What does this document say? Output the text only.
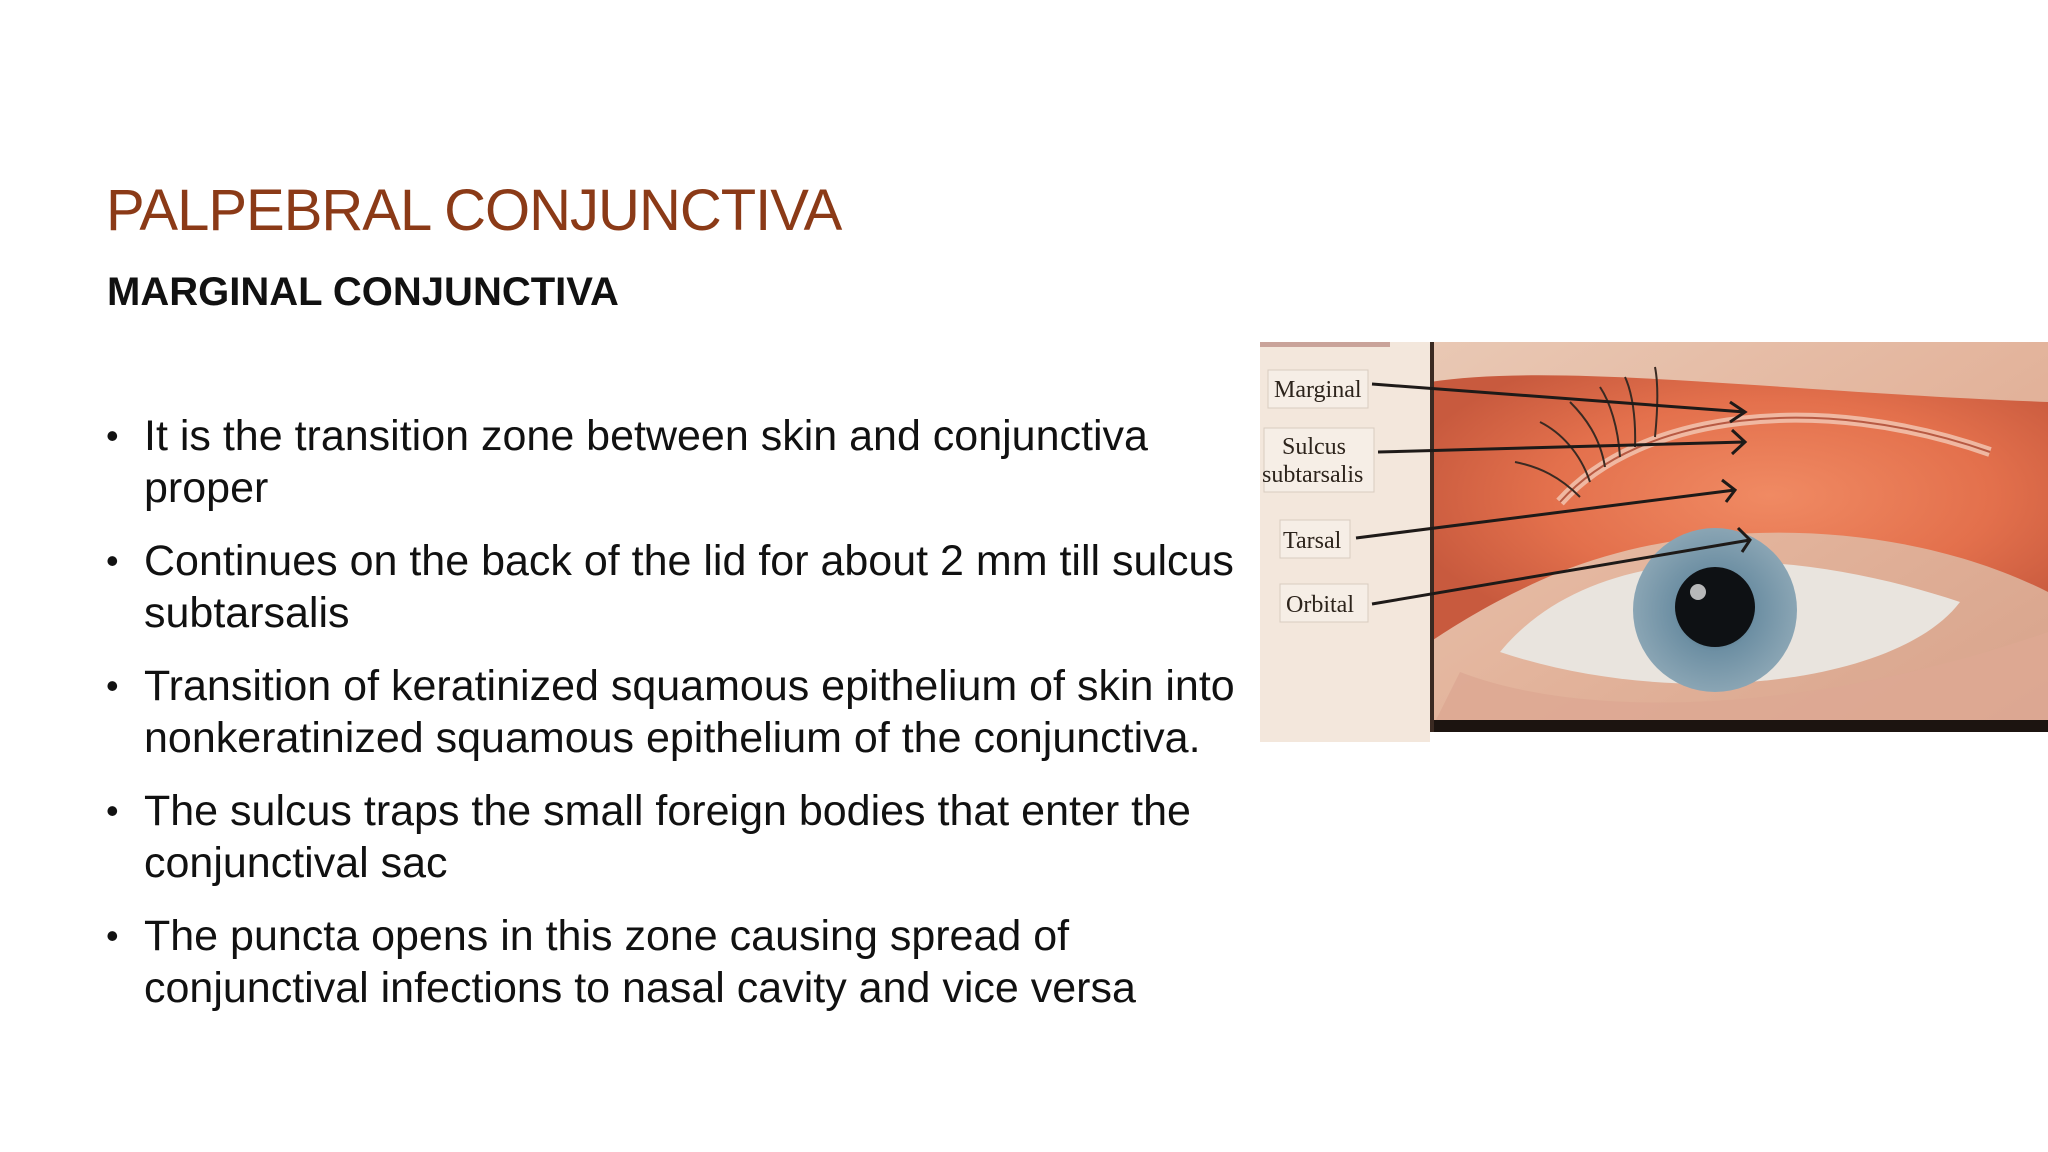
PALPEBRAL CONJUNCTIVA
MARGINAL CONJUNCTIVA
• It is the transition zone between skin and conjunctiva proper
• Continues on the back of the lid for about 2 mm till sulcus subtarsalis
• Transition of keratinized squamous epithelium of skin into nonkeratinized squamous epithelium of the conjunctiva.
• The sulcus traps the small foreign bodies that enter the conjunctival sac
• The puncta opens in this zone causing spread of conjunctival infections to nasal cavity and vice versa
Marginal
Sulcus
subtarsalis
Tarsal
Orbital
